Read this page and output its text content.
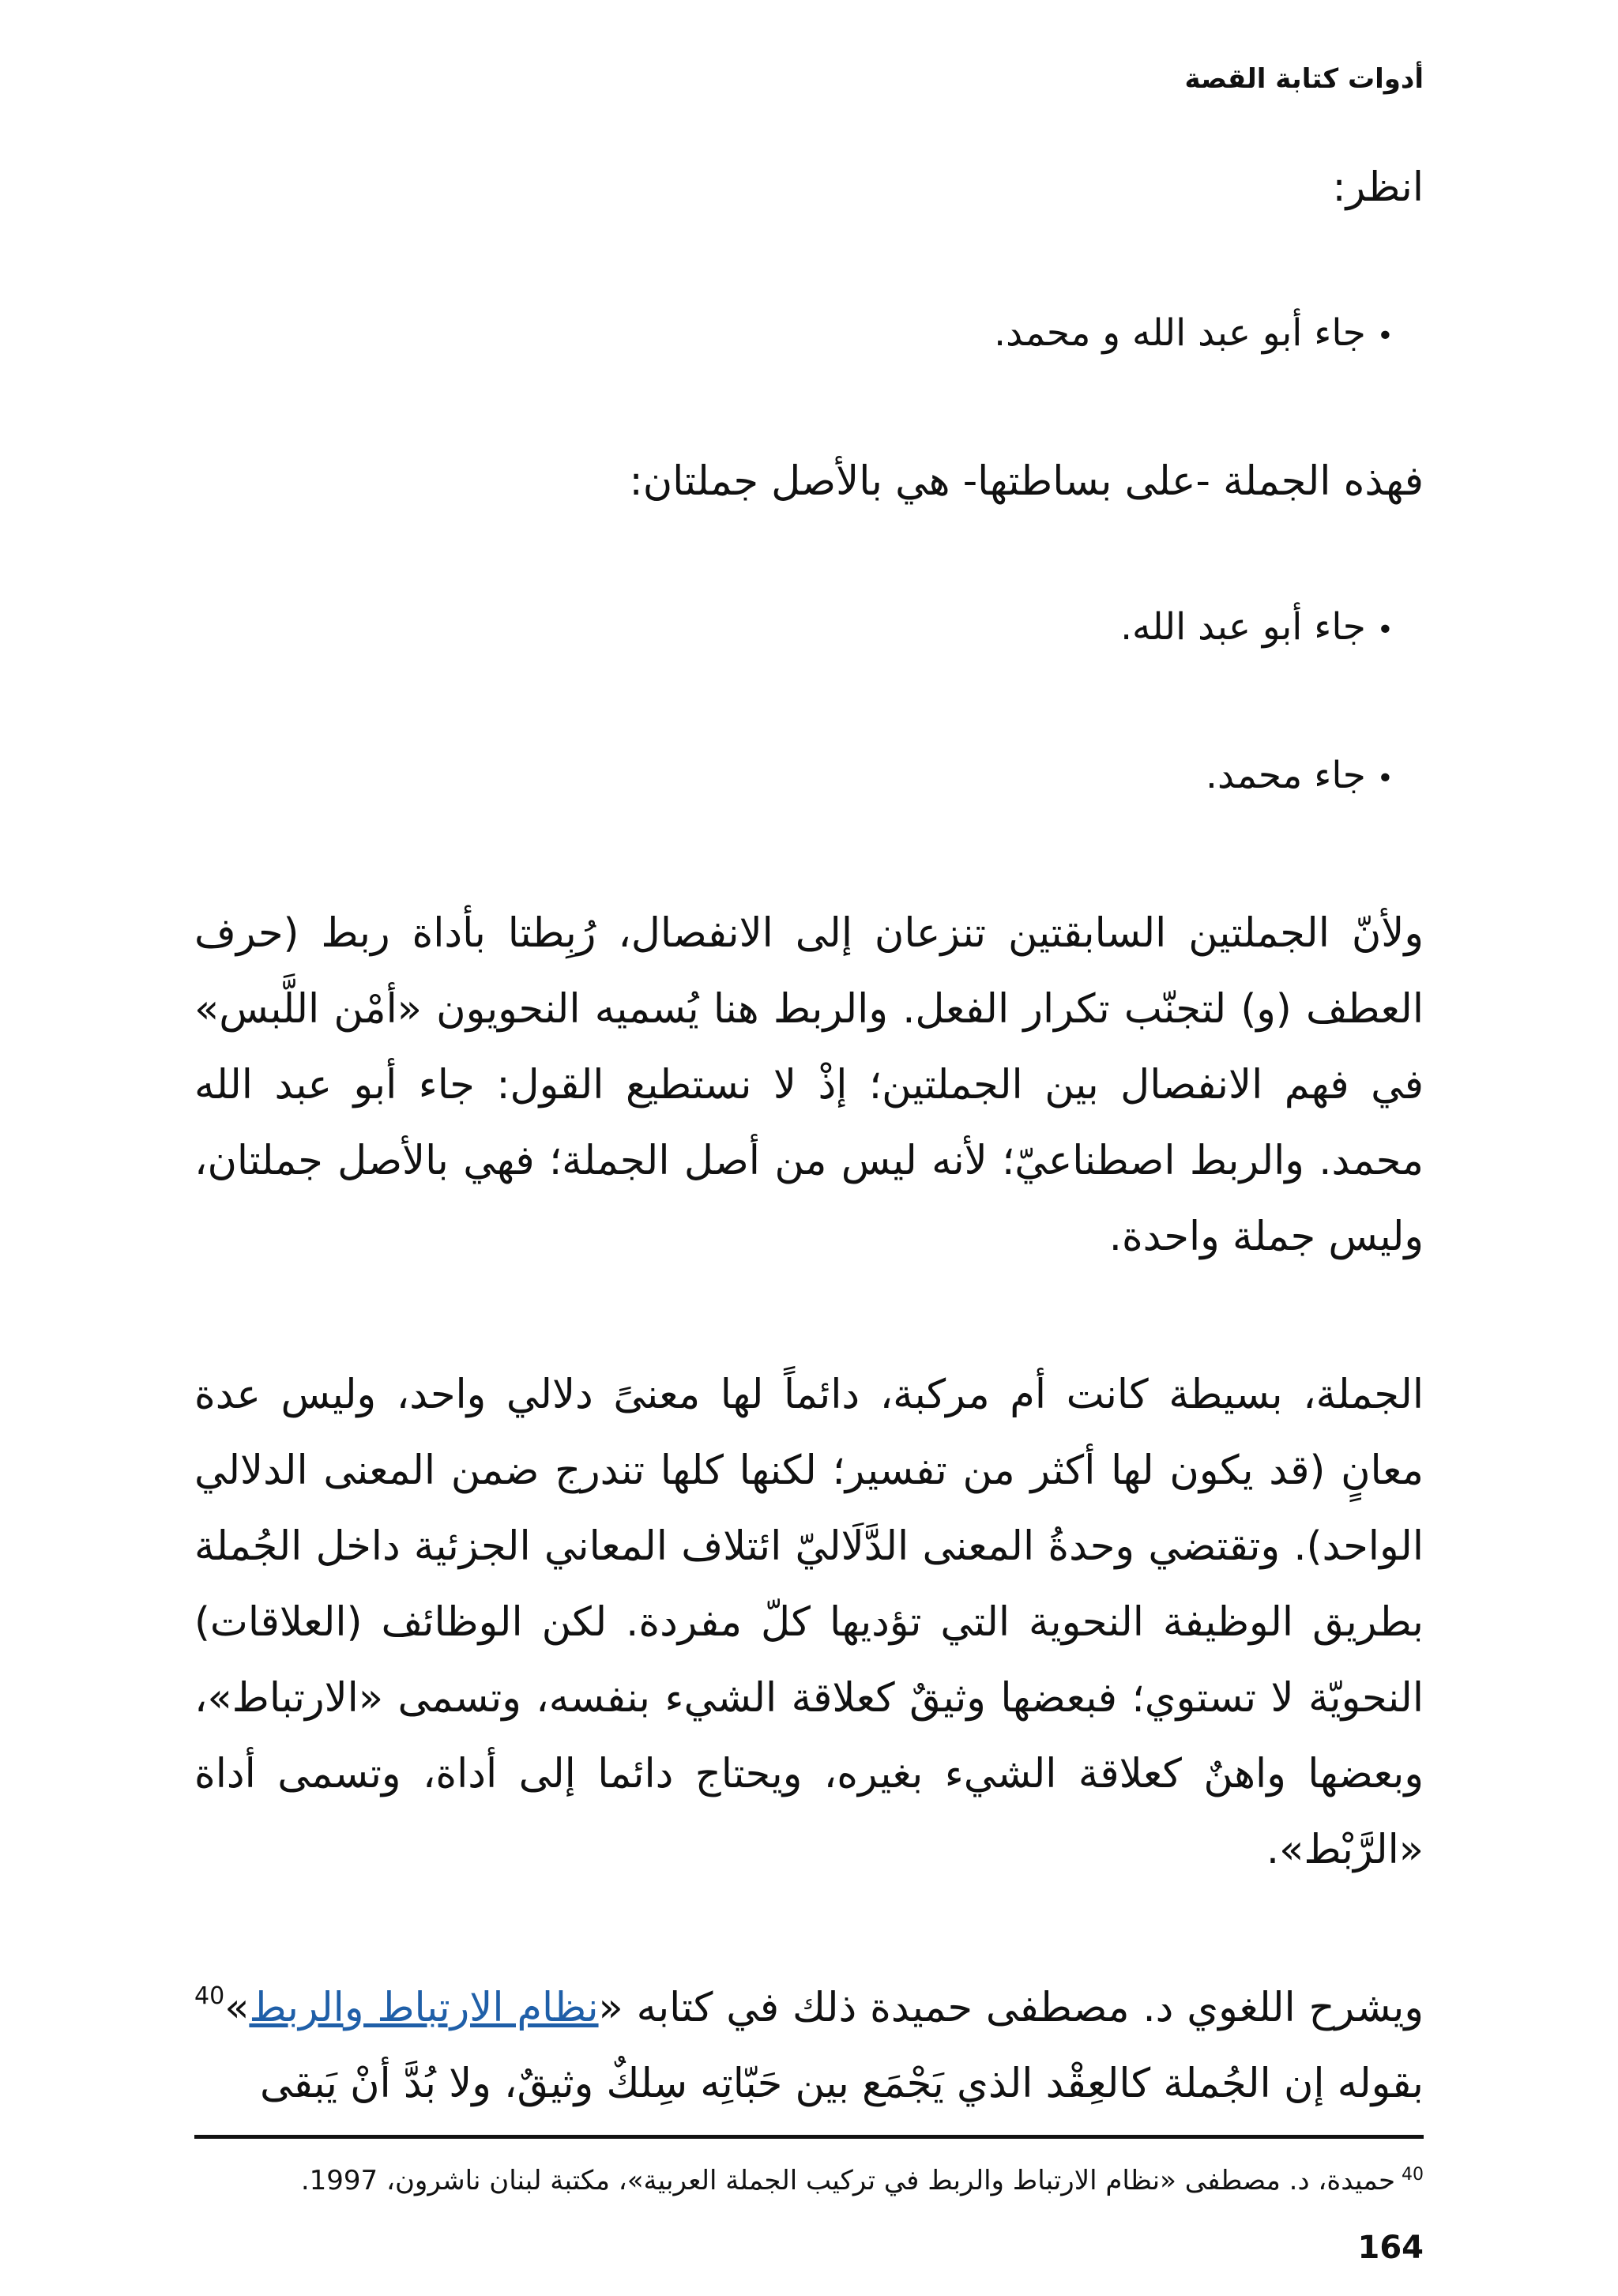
أدوات كتابة القصة

انظر:

•جاء أبو عبد الله و محمد.

فهذه الجملة -على بساطتها- هي بالأصل جملتان:

•جاء أبو عبد الله.

•جاء محمد.

ولأنّ الجملتين السابقتين تنزعان إلى الانفصال، رُبِطتا بأداة ربط (حرف العطف (و) لتجنّب تكرار الفعل. والربط هنا يُسميه النحويون «أمْن اللَّبس» في فهم الانفصال بين الجملتين؛ إذْ لا نستطيع القول: جاء أبو عبد الله محمد. والربط اصطناعيّ؛ لأنه ليس من أصل الجملة؛ فهي بالأصل جملتان، وليس جملة واحدة.

الجملة، بسيطة كانت أم مركبة، دائماً لها معنىً دلالي واحد، وليس عدة معانٍ (قد يكون لها أكثر من تفسير؛ لكنها كلها تندرج ضمن المعنى الدلالي الواحد). وتقتضي وحدةُ المعنى الدَّلَاليّ ائتلاف المعاني الجزئية داخل الجُملة بطريق الوظيفة النحوية التي تؤديها كلّ مفردة. لكن الوظائف (العلاقات) النحويّة لا تستوي؛ فبعضها وثيقٌ كعلاقة الشيء بنفسه، وتسمى «الارتباط»، وبعضها واهنٌ كعلاقة الشيء بغيره، ويحتاج دائما إلى أداة، وتسمى أداة «الرَّبْط».

ويشرح اللغوي د. مصطفى حميدة ذلك في كتابه «نظام الارتباط والربط»$^{40}$ بقوله إن الجُملة كالعِقْد الذي يَجْمَع بين حَبّاتِه سِلكٌ وثيقٌ، ولا بُدَّ أنْ يَبقى

$^{40}$حميدة، د. مصطفى «نظام الارتباط والربط في تركيب الجملة العربية»، مكتبة لبنان ناشرون، 1997.
164
